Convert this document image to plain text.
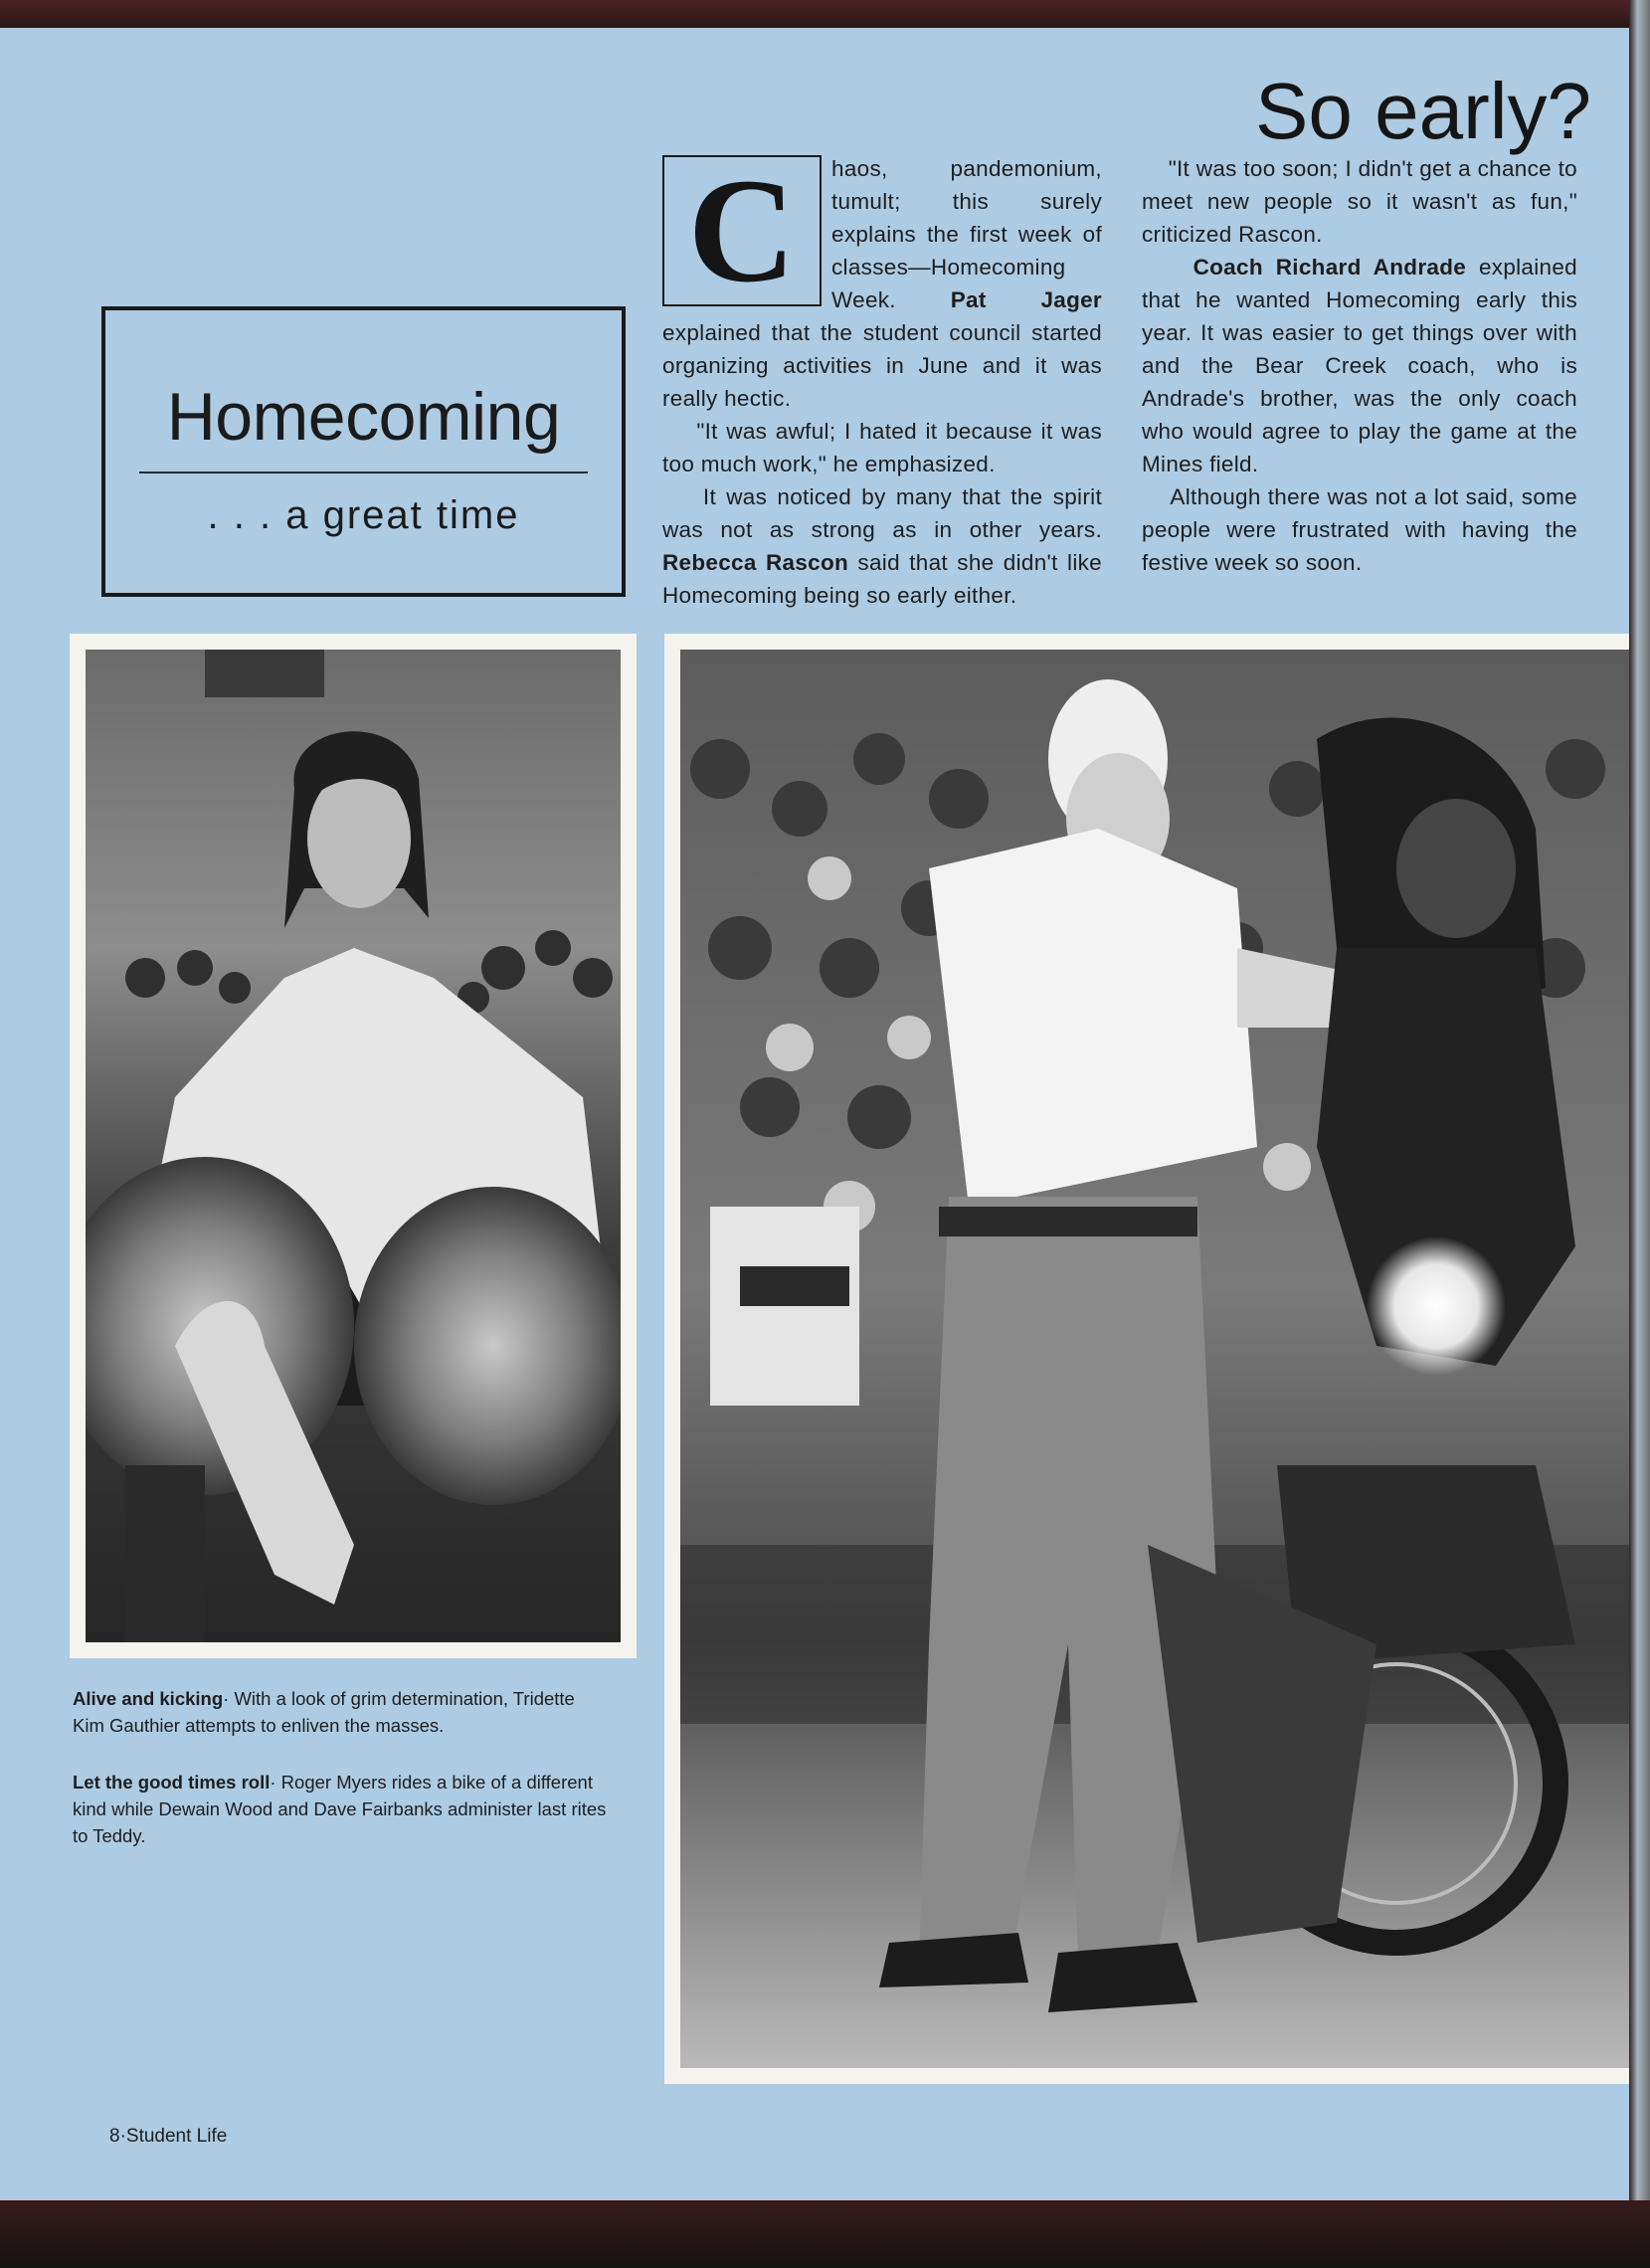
So early?
Homecoming
. . . a great time
C	haos, pandemonium, tumult; this surely explains the first week of classes—Homecoming Week. Pat Jager explained that the student council started organizing activities in June and it was really hectic.
"It was awful; I hated it because it was too much work," he emphasized.
It was noticed by many that the spirit was not as strong as in other years. Rebecca Rascon said that she didn't like Homecoming being so early either.
"It was too soon; I didn't get a chance to meet new people so it wasn't as fun," criticized Rascon.
Coach Richard Andrade explained that he wanted Homecoming early this year. It was easier to get things over with and the Bear Creek coach, who is Andrade's brother, was the only coach who would agree to play the game at the Mines field.
Although there was not a lot said, some people were frustrated with having the festive week so soon.
Alive and kicking· With a look of grim determination, Tridette Kim Gauthier attempts to enliven the masses.
Let the good times roll· Roger Myers rides a bike of a different kind while Dewain Wood and Dave Fairbanks administer last rites to Teddy.
8·Student Life
